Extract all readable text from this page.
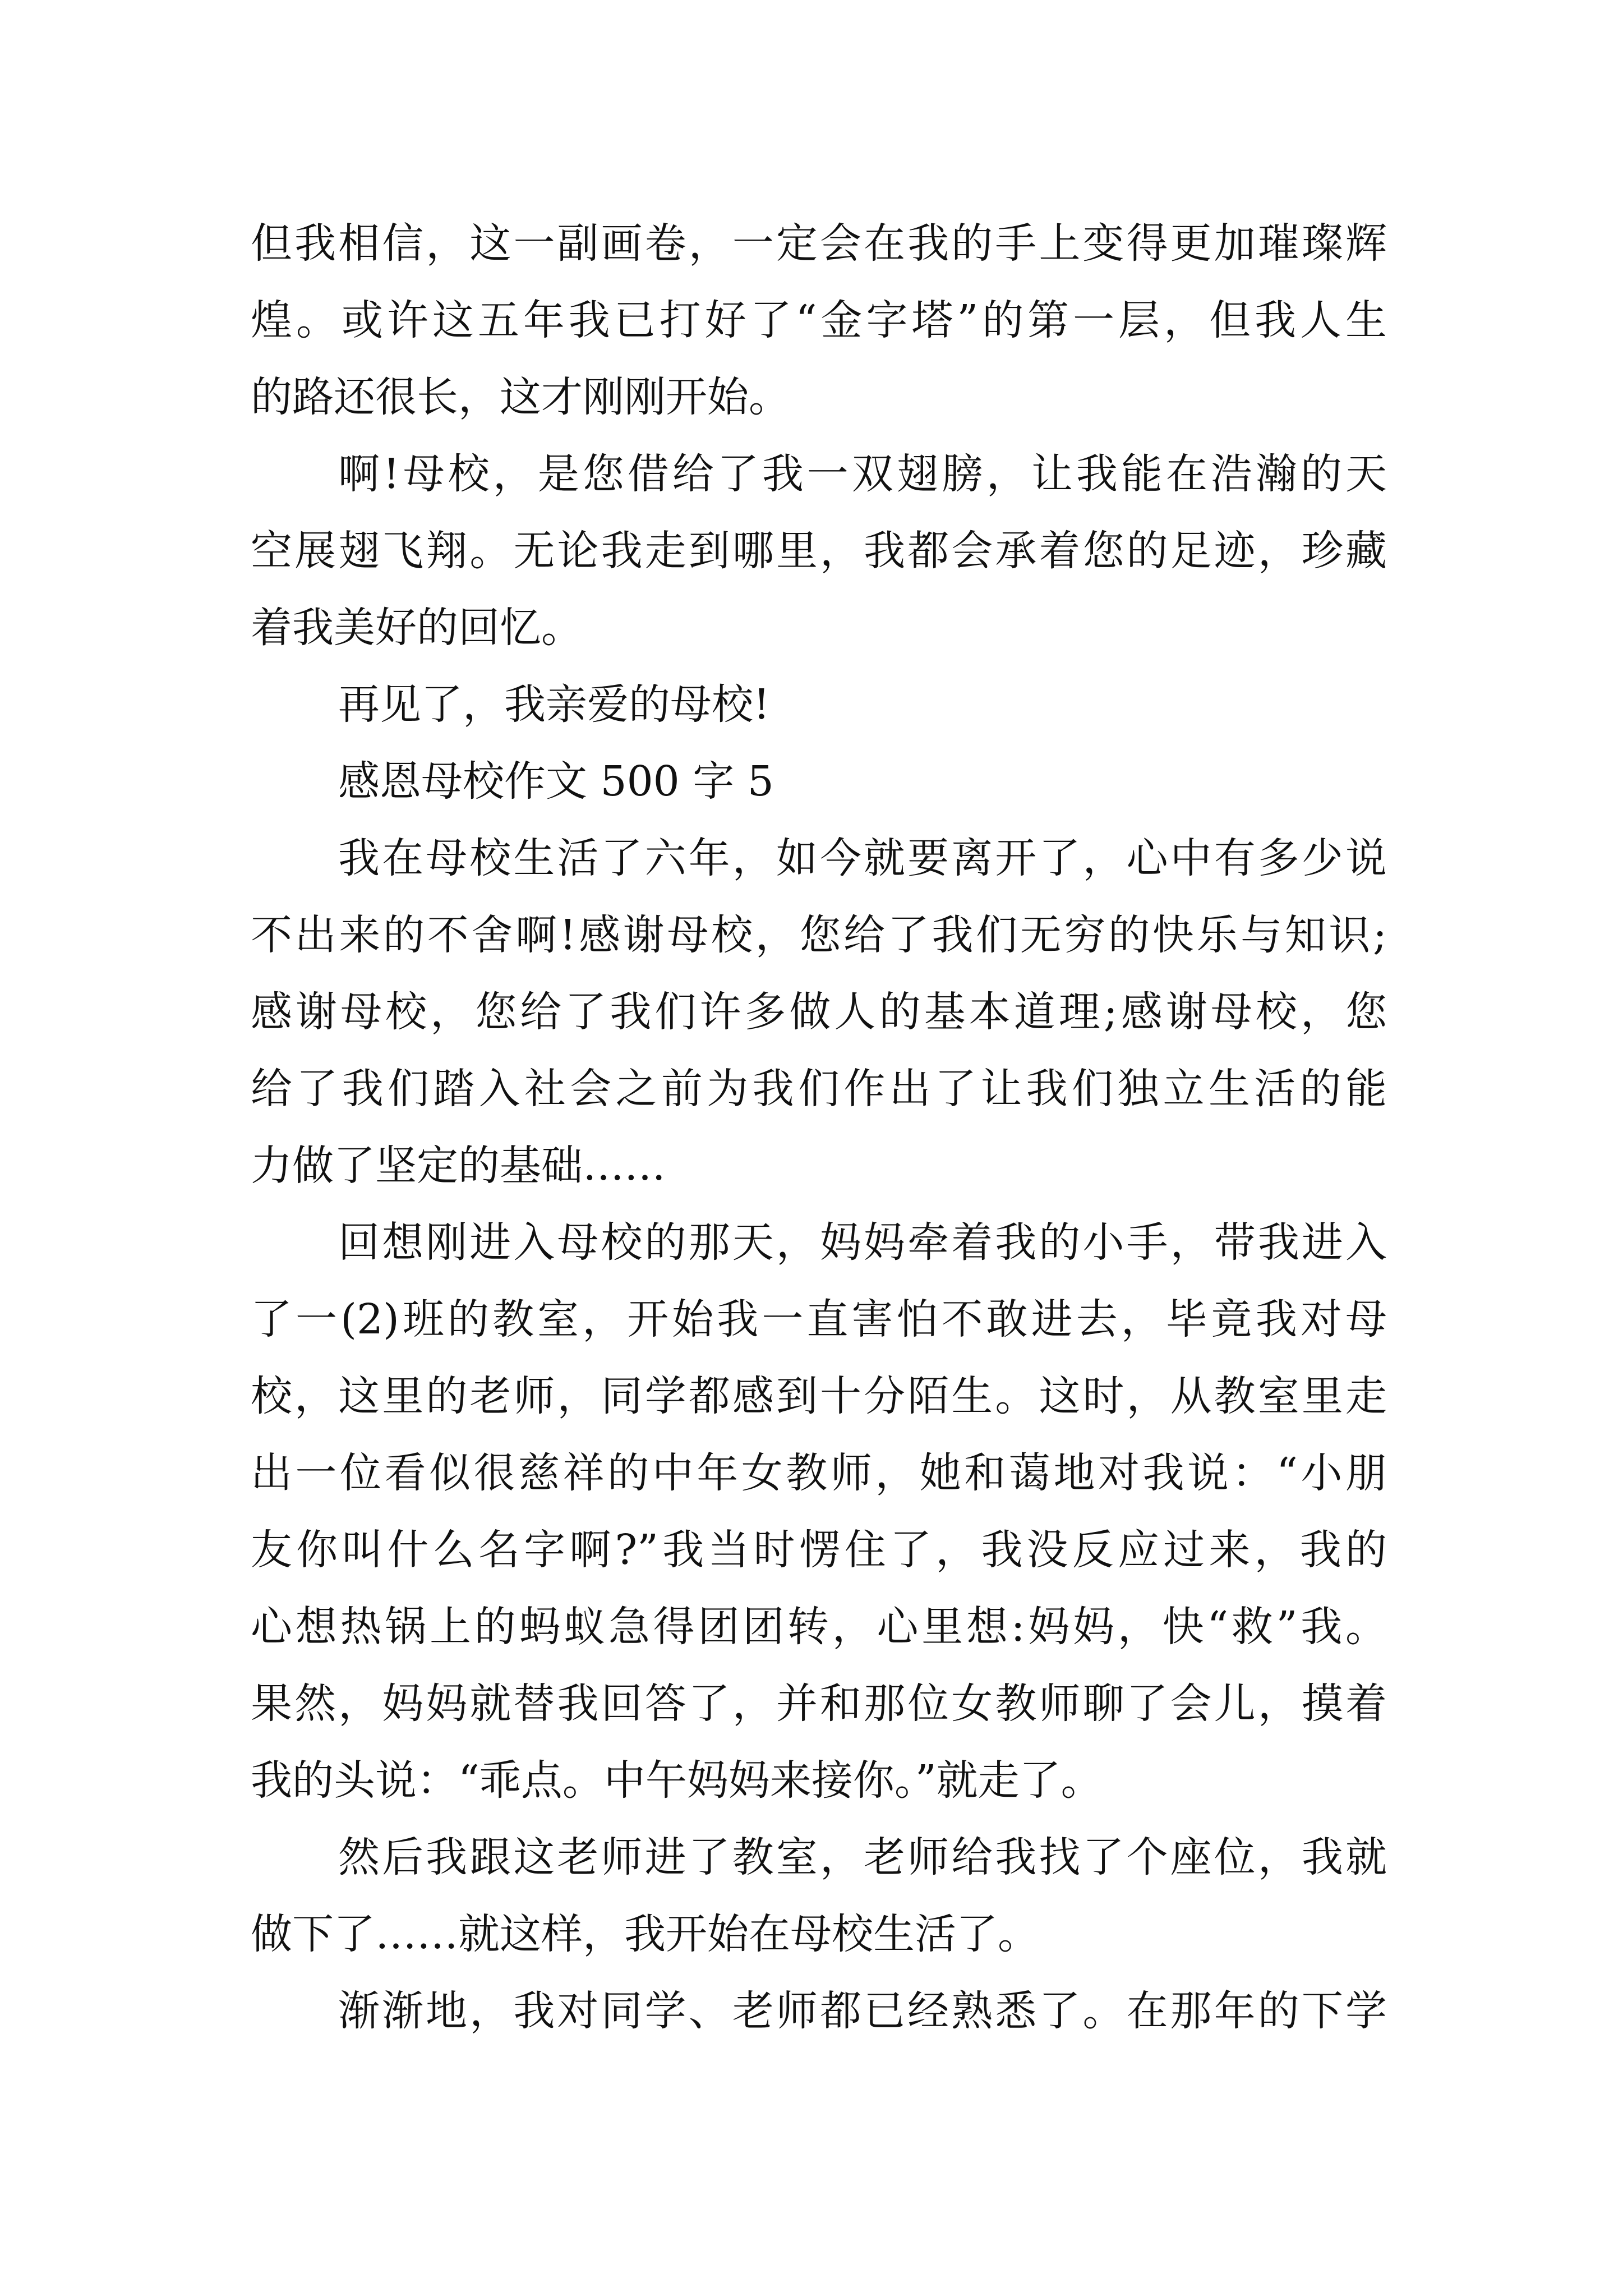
但我相信，这一副画卷，一定会在我的手上变得更加璀璨辉
煌。或许这五年我已打好了“金字塔”的第一层，但我人生
的路还很长，这才刚刚开始。
啊!母校，是您借给了我一双翅膀，让我能在浩瀚的天
空展翅飞翔。无论我走到哪里，我都会承着您的足迹，珍藏
着我美好的回忆。
再见了，我亲爱的母校!
感恩母校作文 500 字 5
我在母校生活了六年，如今就要离开了，心中有多少说
不出来的不舍啊!感谢母校，您给了我们无穷的快乐与知识;
感谢母校，您给了我们许多做人的基本道理;感谢母校，您
给了我们踏入社会之前为我们作出了让我们独立生活的能
力做了坚定的基础……
回想刚进入母校的那天，妈妈牵着我的小手，带我进入
了一(2)班的教室，开始我一直害怕不敢进去，毕竟我对母
校，这里的老师，同学都感到十分陌生。这时，从教室里走
出一位看似很慈祥的中年女教师，她和蔼地对我说：“小朋
友你叫什么名字啊?”我当时愣住了，我没反应过来，我的
心想热锅上的蚂蚁急得团团转，心里想:妈妈，快“救”我。
果然，妈妈就替我回答了，并和那位女教师聊了会儿，摸着
我的头说：“乖点。中午妈妈来接你。”就走了。
然后我跟这老师进了教室，老师给我找了个座位，我就
做下了……就这样，我开始在母校生活了。
渐渐地，我对同学、老师都已经熟悉了。在那年的下学
